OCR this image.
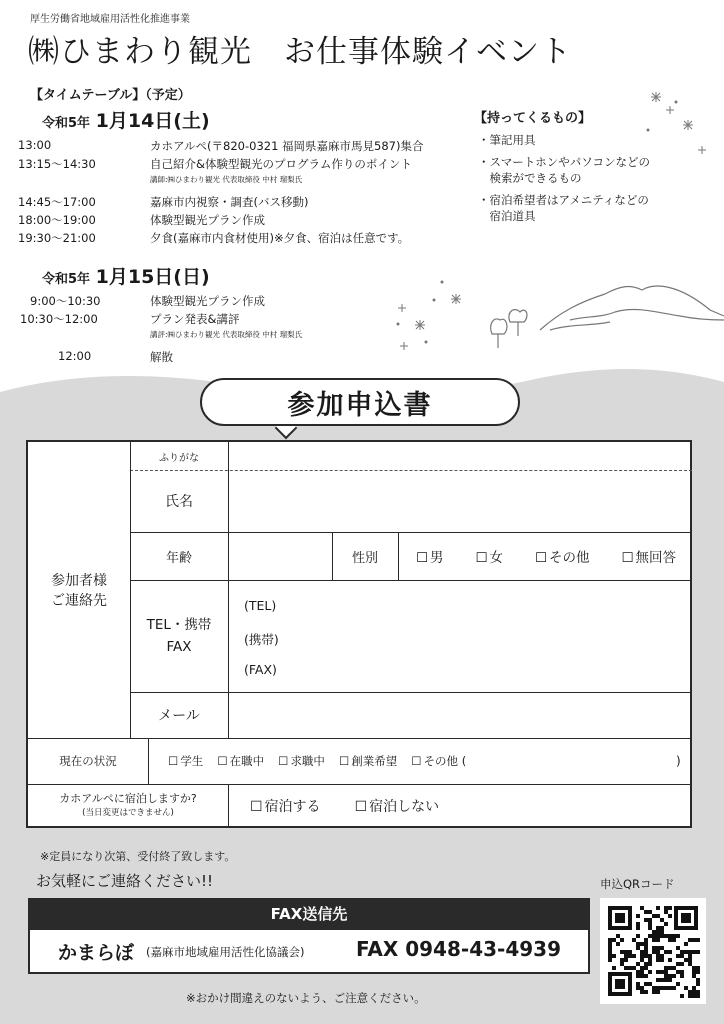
厚生労働省地域雇用活性化推進事業
㈱ひまわり観光　お仕事体験イベント
【タイムテーブル】（予定）
令和5年 1月14日(土)
13:00	カホアルペ(〒820-0321 福岡県嘉麻市馬見587)集合
13:15〜14:30	自己紹介&体験型観光のプログラム作りのポイント
講師:㈱ひまわり観光 代表取締役 中村 瑠梨氏
14:45〜17:00	嘉麻市内視察・調査(バス移動)
18:00〜19:00	体験型観光プラン作成
19:30〜21:00	夕食(嘉麻市内食材使用)※夕食、宿泊は任意です。
令和5年 1月15日(日)
9:00〜10:30	体験型観光プラン作成
10:30〜12:00	プラン発表&講評
講評:㈱ひまわり観光 代表取締役 中村 瑠梨氏
12:00	解散
【持ってくるもの】
・筆記用具
・スマートホンやパソコンなどの
　検索ができるもの
・宿泊希望者はアメニティなどの
　宿泊道具
参加申込書
参加者様
ご連絡先
ふりがな
氏名
年齢	性別	☐ 男	☐ 女	☐ その他	☐ 無回答
TEL・携帯
FAX
(TEL)
(携帯)
(FAX)
メール
現在の状況	☐ 学生	☐ 在職中	☐ 求職中	☐ 創業希望	☐ その他 (	)
カホアルペに宿泊しますか?
(当日変更はできません)	☐ 宿泊する	☐ 宿泊しない
※定員になり次第、受付終了致します。
お気軽にご連絡ください!!	申込QRコード
FAX送信先
かまらぼ (嘉麻市地域雇用活性化協議会)	FAX 0948-43-4939
※おかけ間違えのないよう、ご注意ください。
